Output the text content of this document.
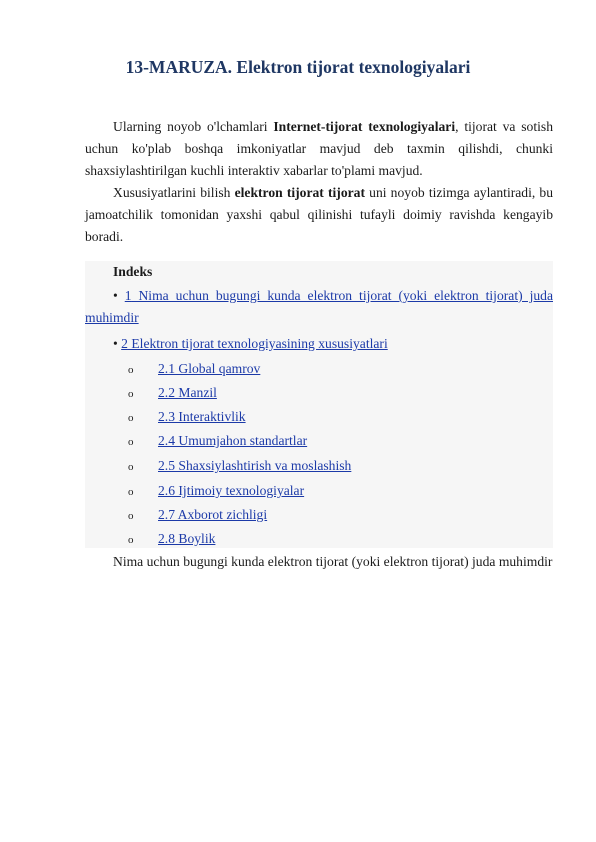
13-MARUZA. Elektron tijorat texnologiyalari

Ularning noyob o'lchamlari Internet-tijorat texnologiyalari, tijorat va sotish uchun ko'plab boshqa imkoniyatlar mavjud deb taxmin qilishdi, chunki shaxsiylashtirilgan kuchli interaktiv xabarlar to'plami mavjud.

Xususiyatlarini bilish elektron tijorat tijorat uni noyob tizimga aylantiradi, bu jamoatchilik tomonidan yaxshi qabul qilinishi tufayli doimiy ravishda kengayib boradi.

Indeks

• 1 Nima uchun bugungi kunda elektron tijorat (yoki elektron tijorat) juda muhimdir

• 2 Elektron tijorat texnologiyasining xususiyatlari
o 2.1 Global qamrov
o 2.2 Manzil
o 2.3 Interaktivlik
o 2.4 Umumjahon standartlar
o 2.5 Shaxsiylashtirish va moslashish
o 2.6 Ijtimoiy texnologiyalar
o 2.7 Axborot zichligi
o 2.8 Boylik

Nima uchun bugungi kunda elektron tijorat (yoki elektron tijorat) juda muhimdir
